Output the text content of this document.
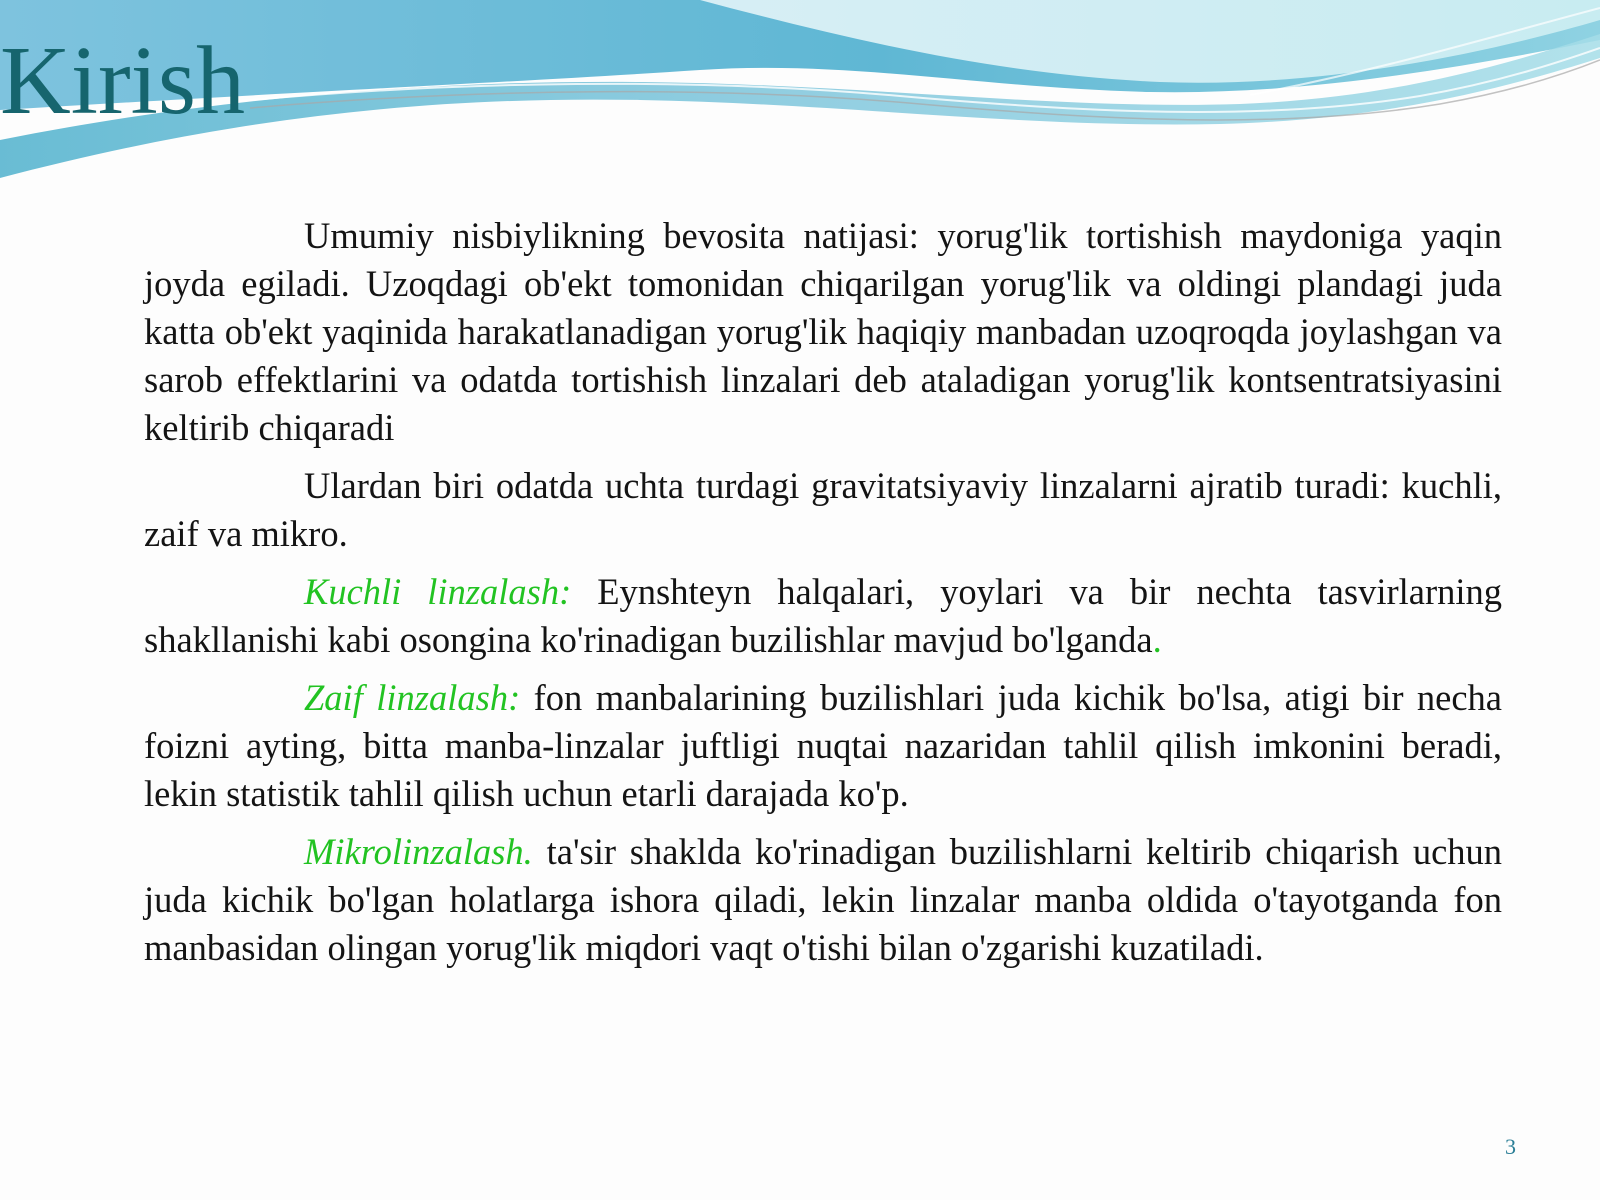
Kirish

Umumiy nisbiylikning bevosita natijasi: yorug'lik tortishish maydoniga yaqin joyda egiladi. Uzoqdagi ob'ekt tomonidan chiqarilgan yorug'lik va oldingi plandagi juda katta ob'ekt yaqinida harakatlanadigan yorug'lik haqiqiy manbadan uzoqroqda joylashgan va sarob effektlarini va odatda tortishish linzalari deb ataladigan yorug'lik kontsentratsiyasini keltirib chiqaradi

Ulardan biri odatda uchta turdagi gravitatsiyaviy linzalarni ajratib turadi: kuchli, zaif va mikro.

Kuchli linzalash: Eynshteyn halqalari, yoylari va bir nechta tasvirlarning shakllanishi kabi osongina ko'rinadigan buzilishlar mavjud bo'lganda.

Zaif linzalash: fon manbalarining buzilishlari juda kichik bo'lsa, atigi bir necha foizni ayting, bitta manba-linzalar juftligi nuqtai nazaridan tahlil qilish imkonini beradi, lekin statistik tahlil qilish uchun etarli darajada ko'p.

Mikrolinzalash. ta'sir shaklda ko'rinadigan buzilishlarni keltirib chiqarish uchun juda kichik bo'lgan holatlarga ishora qiladi, lekin linzalar manba oldida o'tayotganda fon manbasidan olingan yorug'lik miqdori vaqt o'tishi bilan o'zgarishi kuzatiladi.

3
